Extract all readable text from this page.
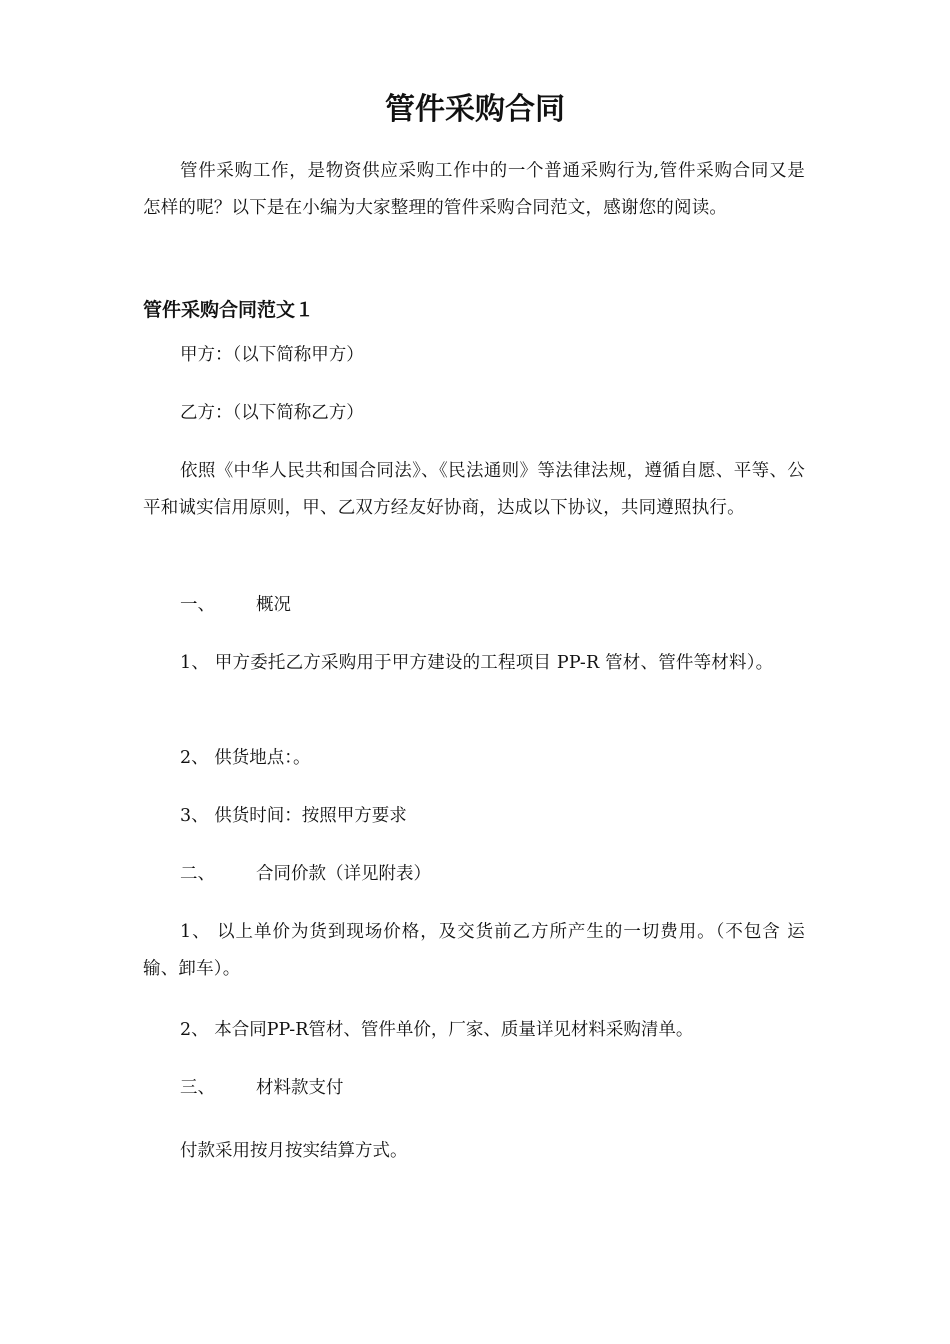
管件采购合同

管件采购工作，是物资供应采购工作中的一个普通采购行为,管件采购合同又是怎样的呢？以下是在小编为大家整理的管件采购合同范文，感谢您的阅读。

管件采购合同范文１

甲方：（以下简称甲方）

乙方：（以下简称乙方）

依照《中华人民共和国合同法》、《民法通则》等法律法规，遵循自愿、平等、公平和诚实信用原则，甲、乙双方经友好协商，达成以下协议，共同遵照执行。

一、 概况

1、 甲方委托乙方采购用于甲方建设的工程项目 PP-R 管材、管件等材料）。

2、 供货地点：。

3、 供货时间：按照甲方要求

二、 合同价款（详见附表）

1、 以上单价为货到现场价格，及交货前乙方所产生的一切费用。（不包含 运输、卸车）。

2、 本合同PP-R管材、管件单价，厂家、质量详见材料采购清单。

三、 材料款支付

付款采用按月按实结算方式。
